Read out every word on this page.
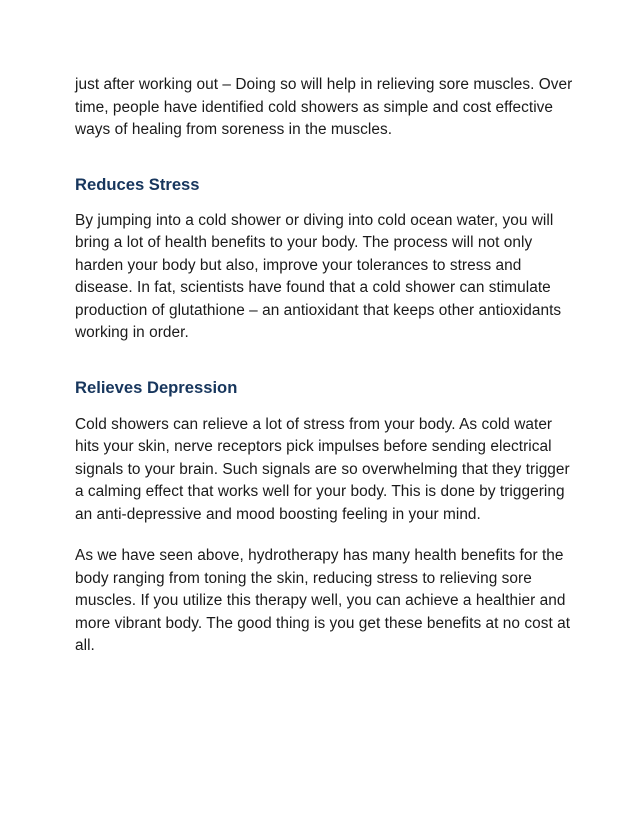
just after working out – Doing so will help in relieving sore muscles. Over time, people have identified cold showers as simple and cost effective ways of healing from soreness in the muscles.

Reduces Stress

By jumping into a cold shower or diving into cold ocean water, you will bring a lot of health benefits to your body. The process will not only harden your body but also, improve your tolerances to stress and disease. In fat, scientists have found that a cold shower can stimulate production of glutathione – an antioxidant that keeps other antioxidants working in order.

Relieves Depression

Cold showers can relieve a lot of stress from your body. As cold water hits your skin, nerve receptors pick impulses before sending electrical signals to your brain. Such signals are so overwhelming that they trigger a calming effect that works well for your body. This is done by triggering an anti-depressive and mood boosting feeling in your mind.

As we have seen above, hydrotherapy has many health benefits for the body ranging from toning the skin, reducing stress to relieving sore muscles. If you utilize this therapy well, you can achieve a healthier and more vibrant body. The good thing is you get these benefits at no cost at all.
